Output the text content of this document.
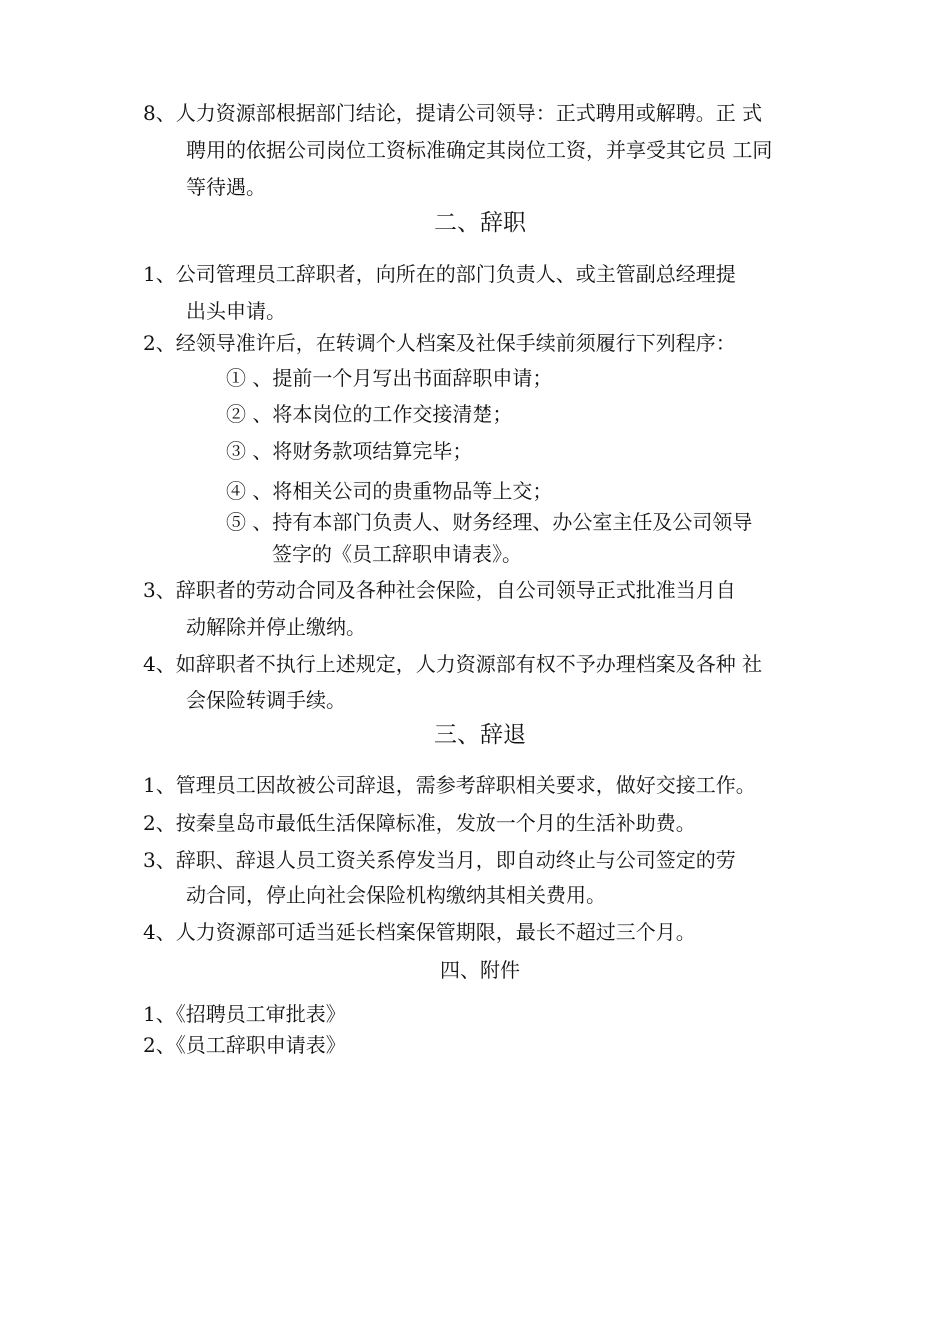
8、人力资源部根据部门结论，提请公司领导：正式聘用或解聘。正 式

聘用的依据公司岗位工资标准确定其岗位工资，并享受其它员 工同

等待遇。

二、辞职

1、公司管理员工辞职者，向所在的部门负责人、或主管副总经理提

出头申请。

2、经领导准许后，在转调个人档案及社保手续前须履行下列程序：

① 、提前一个月写出书面辞职申请；

② 、将本岗位的工作交接清楚；

③ 、将财务款项结算完毕；

④ 、将相关公司的贵重物品等上交；

⑤ 、持有本部门负责人、财务经理、办公室主任及公司领导

签字的《员工辞职申请表》。

3、辞职者的劳动合同及各种社会保险，自公司领导正式批准当月自

动解除并停止缴纳。

4、如辞职者不执行上述规定，人力资源部有权不予办理档案及各种 社

会保险转调手续。

三、辞退

1、管理员工因故被公司辞退，需参考辞职相关要求，做好交接工作。

2、按秦皇岛市最低生活保障标准，发放一个月的生活补助费。

3、辞职、辞退人员工资关系停发当月，即自动终止与公司签定的劳

动合同，停止向社会保险机构缴纳其相关费用。

4、人力资源部可适当延长档案保管期限，最长不超过三个月。

四、附件

1、《招聘员工审批表》

2、《员工辞职申请表》
